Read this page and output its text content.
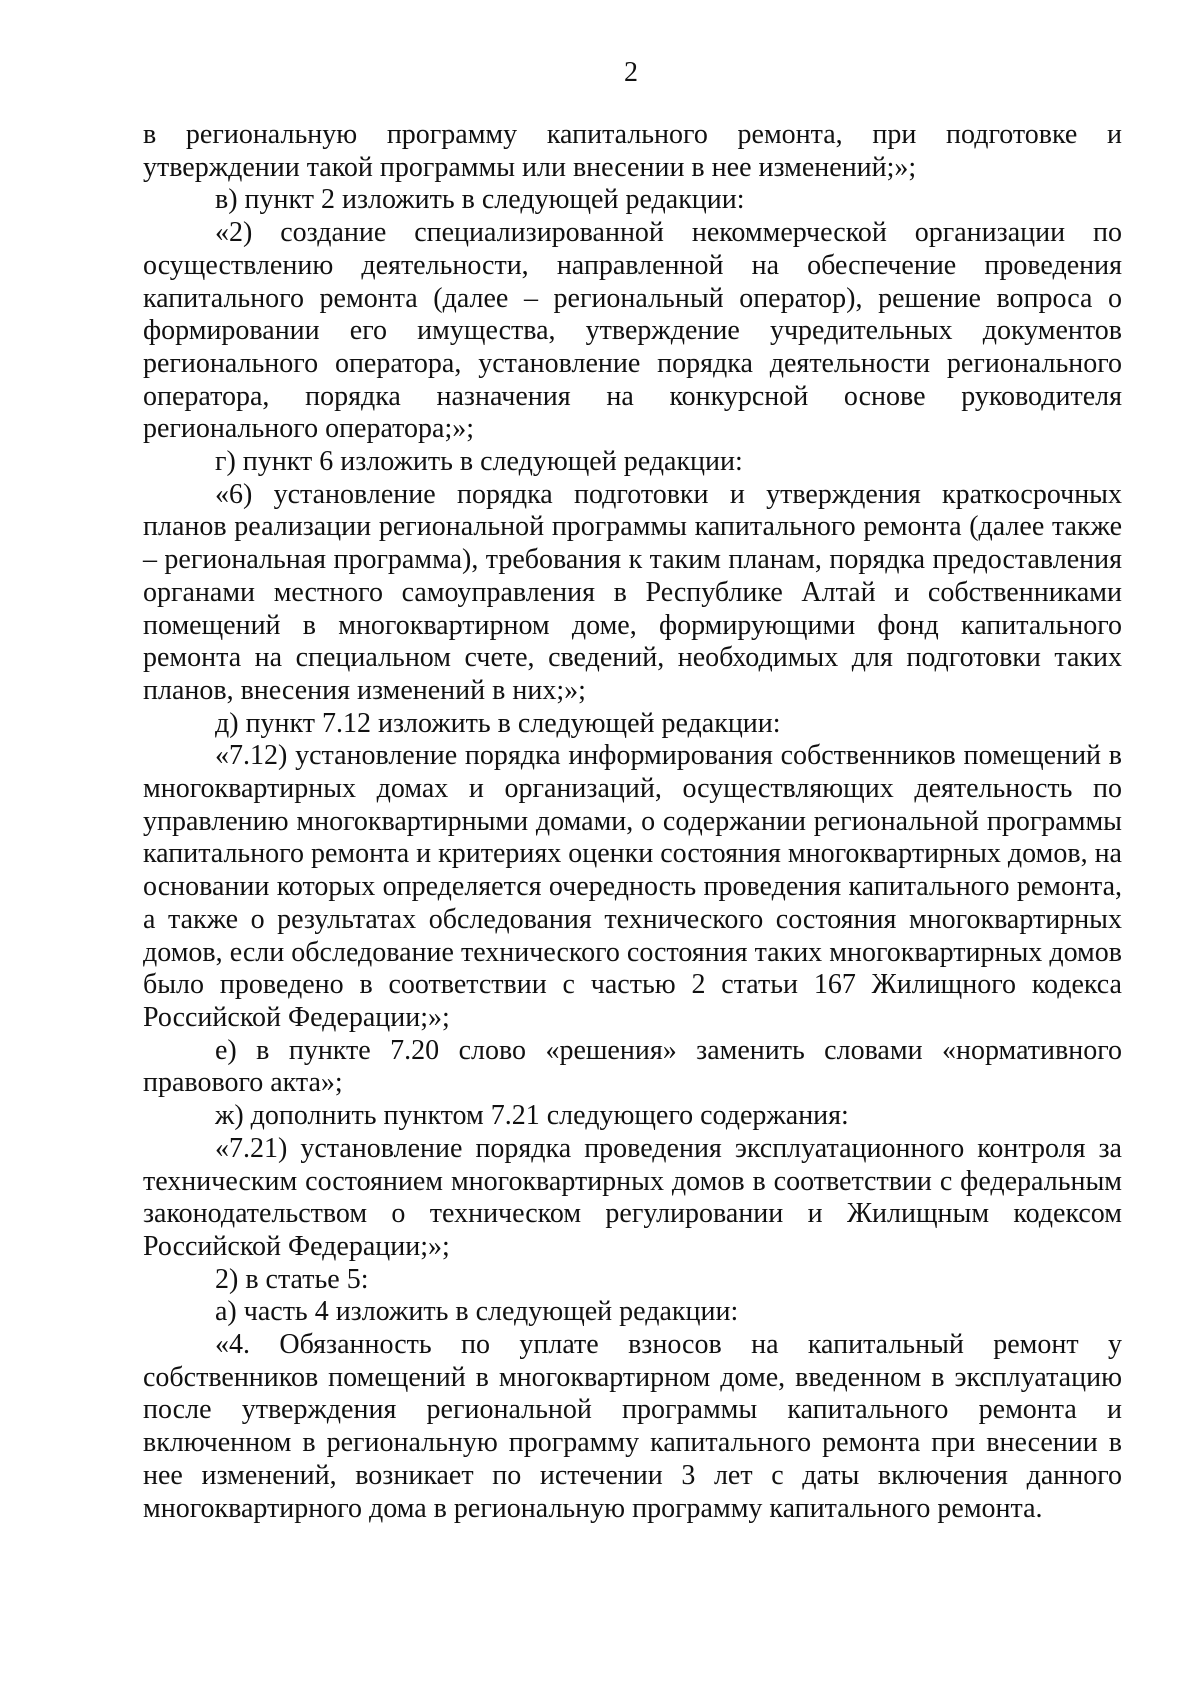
2

в региональную программу капитального ремонта, при подготовке и утверждении такой программы или внесении в нее изменений;»;

в) пункт 2 изложить в следующей редакции:

«2) создание специализированной некоммерческой организации по осуществлению деятельности, направленной на обеспечение проведения капитального ремонта (далее – региональный оператор), решение вопроса о формировании его имущества, утверждение учредительных документов регионального оператора, установление порядка деятельности регионального оператора, порядка назначения на конкурсной основе руководителя регионального оператора;»;

г) пункт 6 изложить в следующей редакции:

«6) установление порядка подготовки и утверждения краткосрочных планов реализации региональной программы капитального ремонта (далее также – региональная программа), требования к таким планам, порядка предоставления органами местного самоуправления в Республике Алтай и собственниками помещений в многоквартирном доме, формирующими фонд капитального ремонта на специальном счете, сведений, необходимых для подготовки таких планов, внесения изменений в них;»;

д) пункт 7.12 изложить в следующей редакции:

«7.12) установление порядка информирования собственников помещений в многоквартирных домах и организаций, осуществляющих деятельность по управлению многоквартирными домами, о содержании региональной программы капитального ремонта и критериях оценки состояния многоквартирных домов, на основании которых определяется очередность проведения капитального ремонта, а также о результатах обследования технического состояния многоквартирных домов, если обследование технического состояния таких многоквартирных домов было проведено в соответствии с частью 2 статьи 167 Жилищного кодекса Российской Федерации;»;

е) в пункте 7.20 слово «решения» заменить словами «нормативного правового акта»;

ж) дополнить пунктом 7.21 следующего содержания:

«7.21) установление порядка проведения эксплуатационного контроля за техническим состоянием многоквартирных домов в соответствии с федеральным законодательством о техническом регулировании и Жилищным кодексом Российской Федерации;»;

2) в статье 5:

а) часть 4 изложить в следующей редакции:

«4. Обязанность по уплате взносов на капитальный ремонт у собственников помещений в многоквартирном доме, введенном в эксплуатацию после утверждения региональной программы капитального ремонта и включенном в региональную программу капитального ремонта при внесении в нее изменений, возникает по истечении 3 лет с даты включения данного многоквартирного дома в региональную программу капитального ремонта.
